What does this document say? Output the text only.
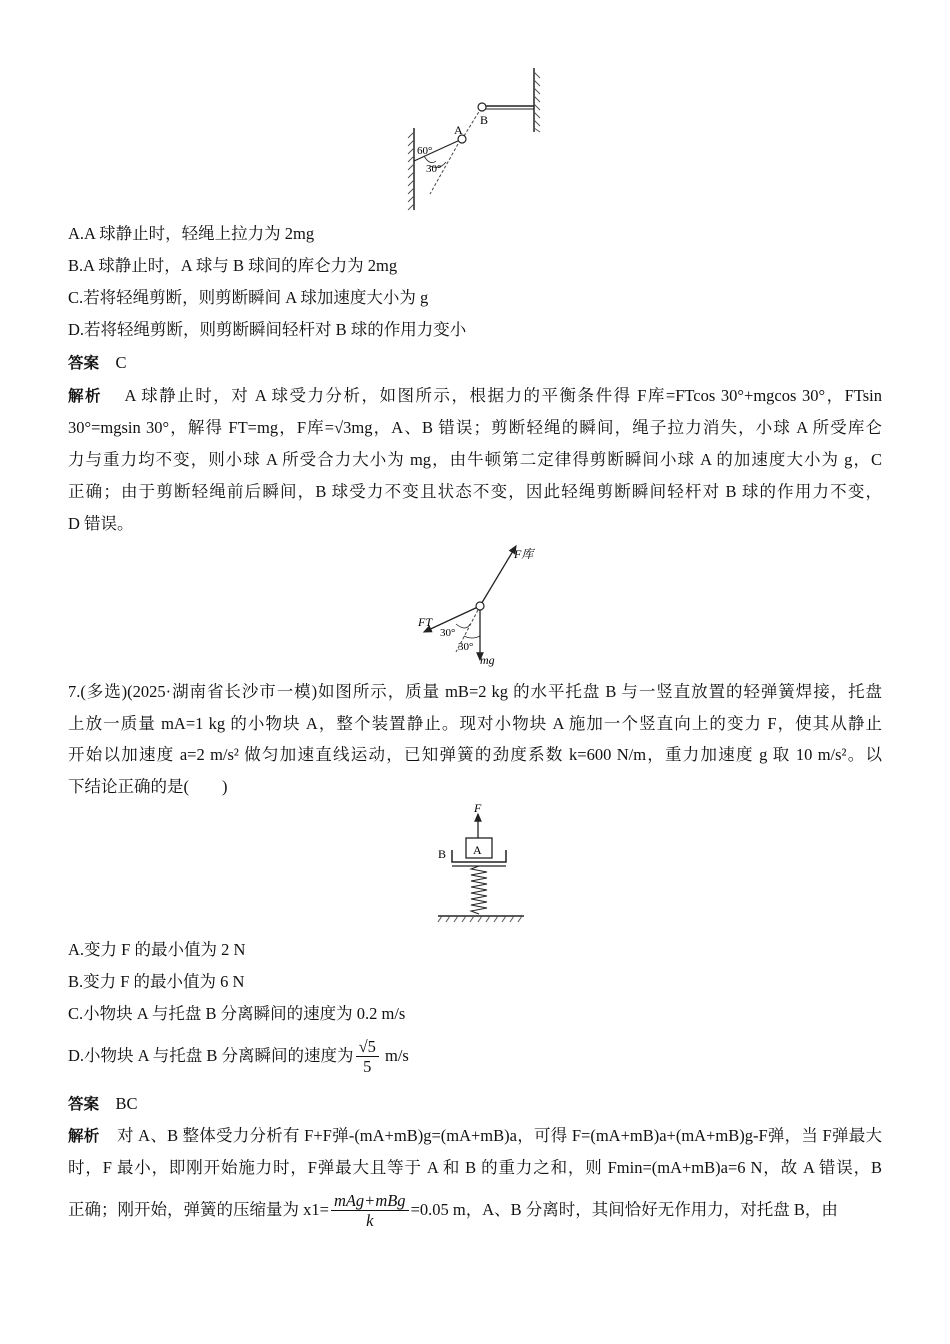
A
B
60°
30°
A.A 球静止时，轻绳上拉力为 2mg
B.A 球静止时，A 球与 B 球间的库仑力为 2mg
C.若将轻绳剪断，则剪断瞬间 A 球加速度大小为 g
D.若将轻绳剪断，则剪断瞬间轻杆对 B 球的作用力变小
答案 C
解析 A 球静止时，对 A 球受力分析，如图所示，根据力的平衡条件得 F库=FTcos 30°+mgcos 30°，FTsin
30°=mgsin 30°，解得 FT=mg，F库=√3mg，A、B 错误；剪断轻绳的瞬间，绳子拉力消失，小球 A 所受库仑
力与重力均不变，则小球 A 所受合力大小为 mg，由牛顿第二定律得剪断瞬间小球 A 的加速度大小为 g，C
正确；由于剪断轻绳前后瞬间，B 球受力不变且状态不变，因此轻绳剪断瞬间轻杆对 B 球的作用力不变，
D 错误。
F库
FT
30°
30°
mg
7.(多选)(2025·湖南省长沙市一模)如图所示，质量 mB=2 kg 的水平托盘 B 与一竖直放置的轻弹簧焊接，托盘
上放一质量 mA=1 kg 的小物块 A，整个装置静止。现对小物块 A 施加一个竖直向上的变力 F，使其从静止
开始以加速度 a=2 m/s² 做匀加速直线运动，已知弹簧的劲度系数 k=600 N/m，重力加速度 g 取 10 m/s²。以
下结论正确的是(　　)
F
A
B
A.变力 F 的最小值为 2 N
B.变力 F 的最小值为 6 N
C.小物块 A 与托盘 B 分离瞬间的速度为 0.2 m/s
D.小物块 A 与托盘 B 分离瞬间的速度为 $\frac{√5}{5} m/s$
答案 BC
解析 对 A、B 整体受力分析有 F+F弹-(mA+mB)g=(mA+mB)a，可得 F=(mA+mB)a+(mA+mB)g-F弹，当 F弹最大
时，F 最小，即刚开始施力时，F弹最大且等于 A 和 B 的重力之和，则 Fmin=(mA+mB)a=6 N，故 A 错误，B
正确；刚开始，弹簧的压缩量为 $x1= \frac{\text{mAg+mBg}}{k} =0.05$ m，A、B 分离时，其间恰好无作用力，对托盘 B，由
